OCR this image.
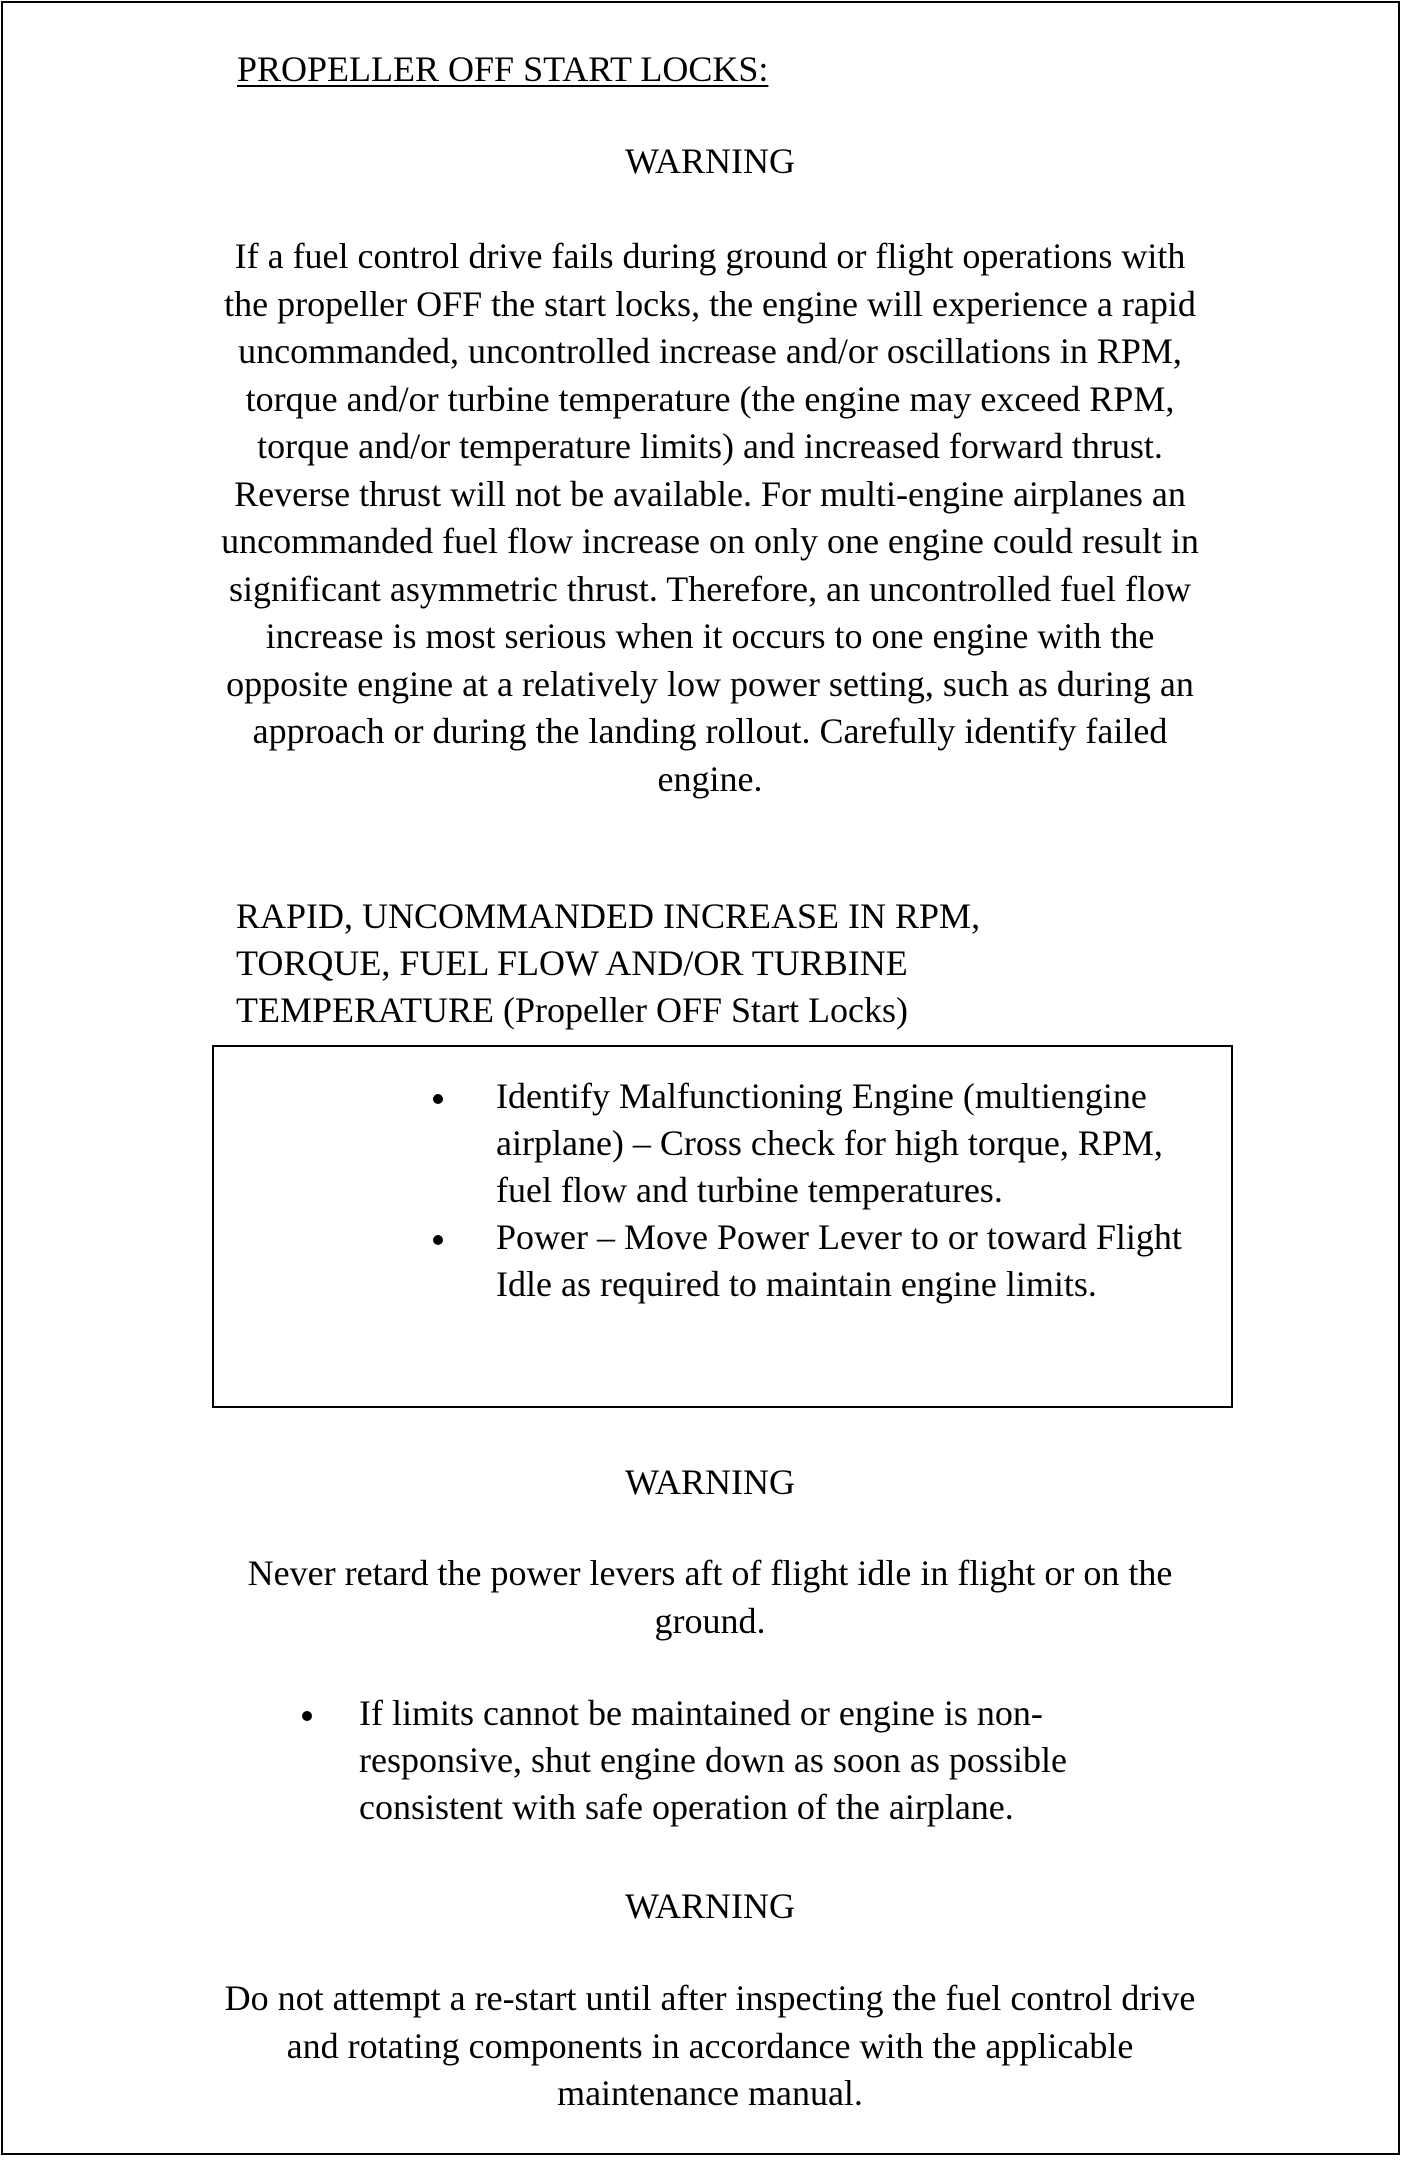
PROPELLER OFF START LOCKS:
WARNING

If a fuel control drive fails during ground or flight operations with the propeller OFF the start locks, the engine will experience a rapid uncommanded, uncontrolled increase and/or oscillations in RPM, torque and/or turbine temperature (the engine may exceed RPM, torque and/or temperature limits) and increased forward thrust. Reverse thrust will not be available. For multi-engine airplanes an uncommanded fuel flow increase on only one engine could result in significant asymmetric thrust. Therefore, an uncontrolled fuel flow increase is most serious when it occurs to one engine with the opposite engine at a relatively low power setting, such as during an approach or during the landing rollout. Carefully identify failed engine.

RAPID, UNCOMMANDED INCREASE IN RPM, TORQUE, FUEL FLOW AND/OR TURBINE TEMPERATURE (Propeller OFF Start Locks)

Identify Malfunctioning Engine (multiengine airplane) – Cross check for high torque, RPM, fuel flow and turbine temperatures.
Power – Move Power Lever to or toward Flight Idle as required to maintain engine limits.
WARNING

Never retard the power levers aft of flight idle in flight or on the ground.

If limits cannot be maintained or engine is non-responsive, shut engine down as soon as possible consistent with safe operation of the airplane.
WARNING

Do not attempt a re-start until after inspecting the fuel control drive and rotating components in accordance with the applicable maintenance manual.
